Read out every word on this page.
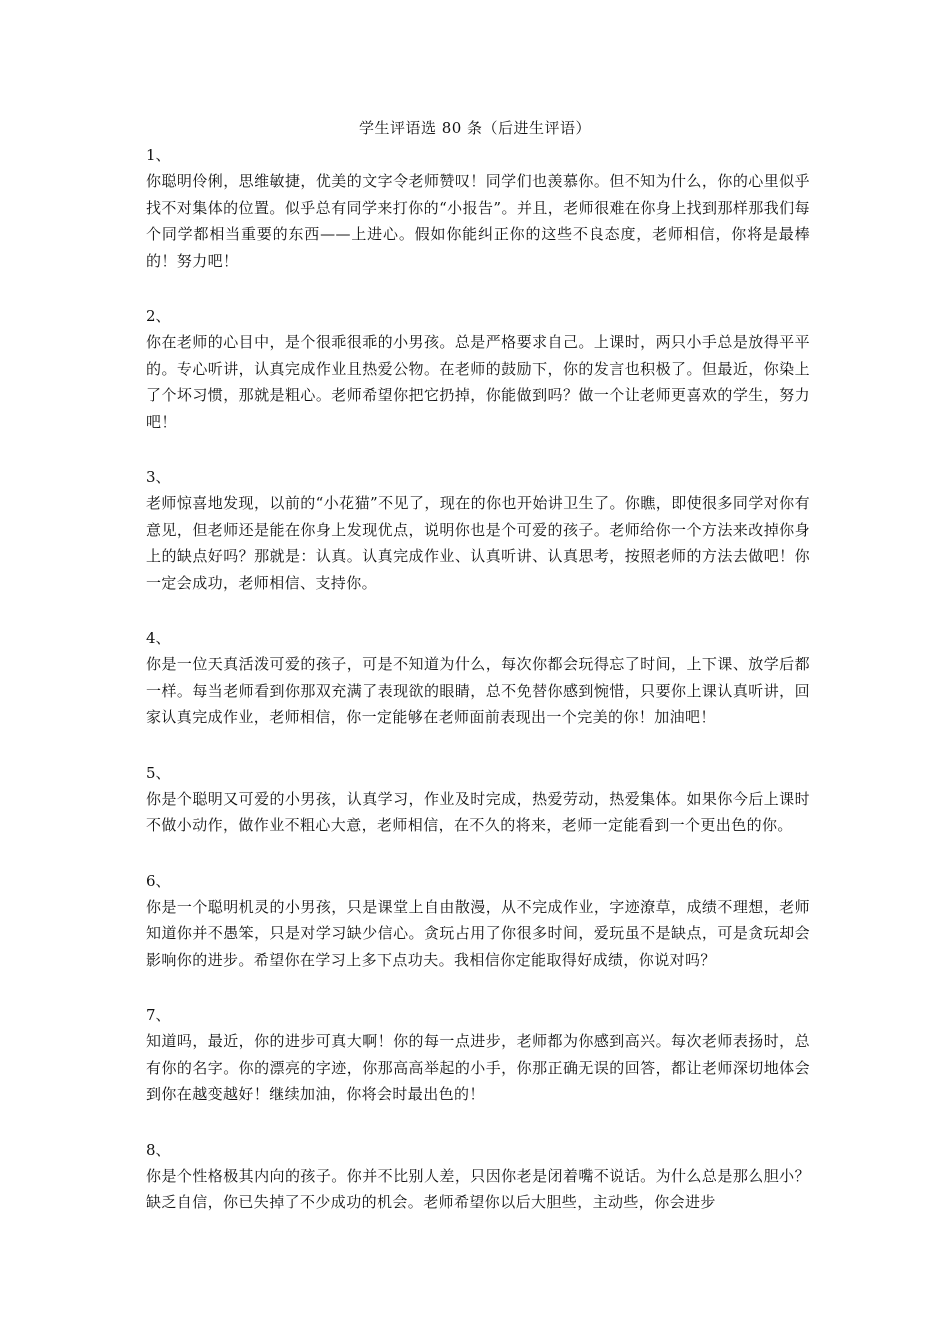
学生评语选 80 条（后进生评语）
1、
你聪明伶俐，思维敏捷，优美的文字令老师赞叹！同学们也羡慕你。但不知为什么，你的心里似乎找不对集体的位置。似乎总有同学来打你的“小报告”。并且，老师很难在你身上找到那样那我们每个同学都相当重要的东西——上进心。假如你能纠正你的这些不良态度，老师相信，你将是最棒的！努力吧！
2、
你在老师的心目中，是个很乖很乖的小男孩。总是严格要求自己。上课时，两只小手总是放得平平的。专心听讲，认真完成作业且热爱公物。在老师的鼓励下，你的发言也积极了。但最近，你染上了个坏习惯，那就是粗心。老师希望你把它扔掉，你能做到吗？做一个让老师更喜欢的学生，努力吧！
3、
老师惊喜地发现，以前的“小花猫”不见了，现在的你也开始讲卫生了。你瞧，即使很多同学对你有意见，但老师还是能在你身上发现优点，说明你也是个可爱的孩子。老师给你一个方法来改掉你身上的缺点好吗？那就是：认真。认真完成作业、认真听讲、认真思考，按照老师的方法去做吧！你一定会成功，老师相信、支持你。
4、
你是一位天真活泼可爱的孩子，可是不知道为什么，每次你都会玩得忘了时间，上下课、放学后都一样。每当老师看到你那双充满了表现欲的眼睛，总不免替你感到惋惜，只要你上课认真听讲，回家认真完成作业，老师相信，你一定能够在老师面前表现出一个完美的你！加油吧！
5、
你是个聪明又可爱的小男孩，认真学习，作业及时完成，热爱劳动，热爱集体。如果你今后上课时不做小动作，做作业不粗心大意，老师相信，在不久的将来，老师一定能看到一个更出色的你。
6、
你是一个聪明机灵的小男孩，只是课堂上自由散漫，从不完成作业，字迹潦草，成绩不理想，老师知道你并不愚笨，只是对学习缺少信心。贪玩占用了你很多时间，爱玩虽不是缺点，可是贪玩却会影响你的进步。希望你在学习上多下点功夫。我相信你定能取得好成绩，你说对吗？
7、
知道吗，最近，你的进步可真大啊！你的每一点进步，老师都为你感到高兴。每次老师表扬时，总有你的名字。你的漂亮的字迹，你那高高举起的小手，你那正确无误的回答，都让老师深切地体会到你在越变越好！继续加油，你将会时最出色的！
8、
你是个性格极其内向的孩子。你并不比别人差，只因你老是闭着嘴不说话。为什么总是那么胆小？缺乏自信，你已失掉了不少成功的机会。老师希望你以后大胆些，主动些，你会进步
